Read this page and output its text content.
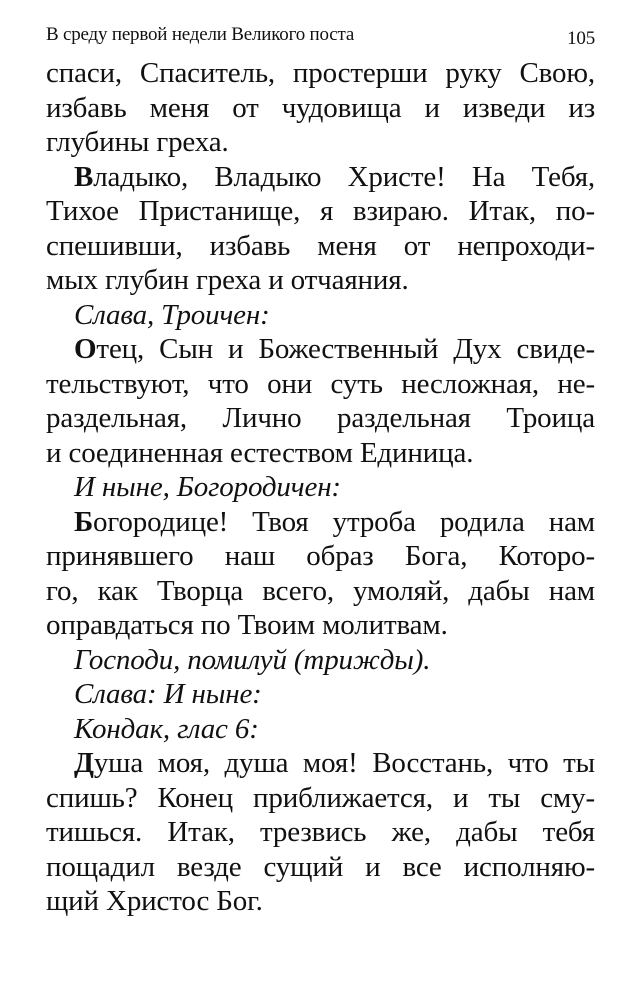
В среду первой недели Великого поста	105
спаси, Спаситель, простерши руку Свою,
избавь меня от чудовища и изведи из
глубины греха.
Владыко, Владыко Христе! На Тебя,
Тихое Пристанище, я взираю. Итак, по-
спешивши, избавь меня от непроходи-
мых глубин греха и отчаяния.
Слава, Троичен:
Отец, Сын и Божественный Дух свиде-
тельствуют, что они суть несложная, не-
раздельная, Лично раздельная Троица
и соединенная естеством Единица.
И ныне, Богородичен:
Богородице! Твоя утроба родила нам
принявшего наш образ Бога, Которо-
го, как Творца всего, умоляй, дабы нам
оправдаться по Твоим молитвам.
Господи, помилуй (трижды).
Слава: И ныне:
Кондак, глас 6:
Душа моя, душа моя! Восстань, что ты
спишь? Конец приближается, и ты сму-
тишься. Итак, трезвись же, дабы тебя
пощадил везде сущий и все исполняю-
щий Христос Бог.
